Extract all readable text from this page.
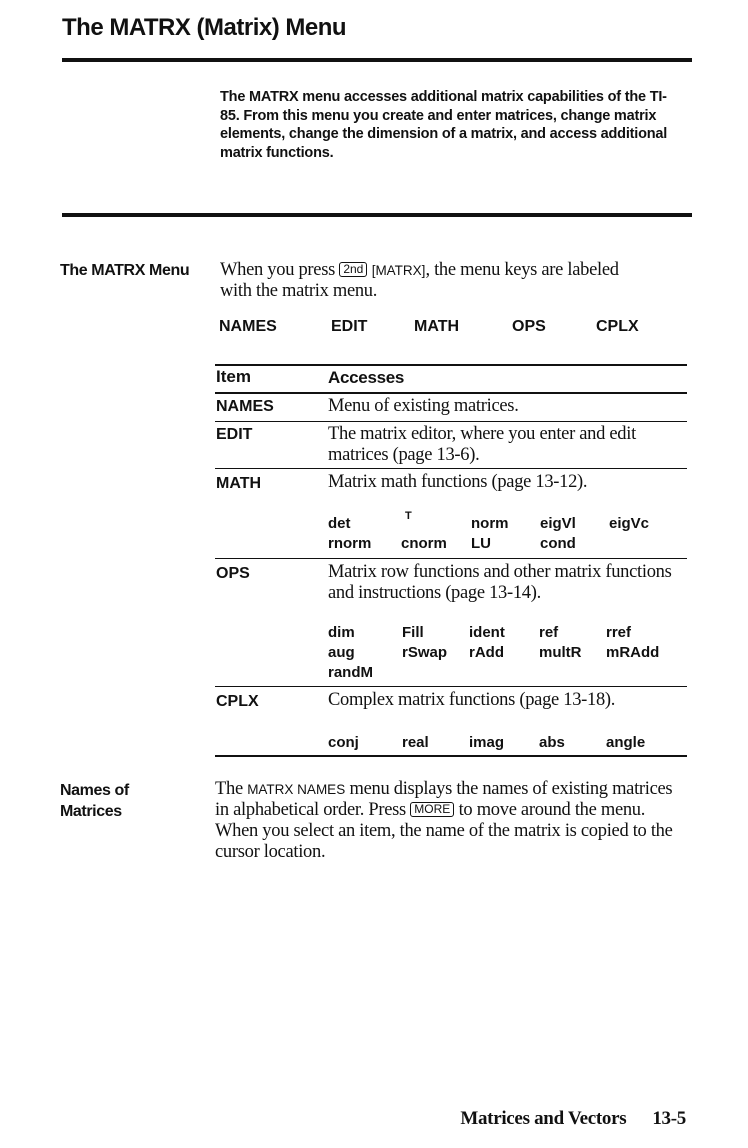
The MATRX (Matrix) Menu
The MATRX menu accesses additional matrix capabilities of the TI-85. From this menu you create and enter matrices, change matrix elements, change the dimension of a matrix, and access additional matrix functions.
The MATRX Menu When you press 2nd [MATRX], the menu keys are labeled
with the matrix menu.
NAMES	EDIT	MATH	OPS	CPLX
Item	Accesses
NAMES	Menu of existing matrices.
EDIT	The matrix editor, where you enter and edit matrices (page 13-6).
MATH	Matrix math functions (page 13-12).
det	T	norm eigVl eigVc
rnorm cnorm LU	cond
OPS	Matrix row functions and other matrix functions and instructions (page 13-14).
dim	Fill	ident ref	rref
aug	rSwap rAdd multR mRAdd
randM
CPLX	Complex matrix functions (page 13-18).
conj	real	imag abs	angle
Names of
Matrices
The MATRX NAMES menu displays the names of existing matrices in alphabetical order. Press MORE to move around the menu. When you select an item, the name of the matrix is copied to the cursor location.
Matrices and Vectors 13-5
